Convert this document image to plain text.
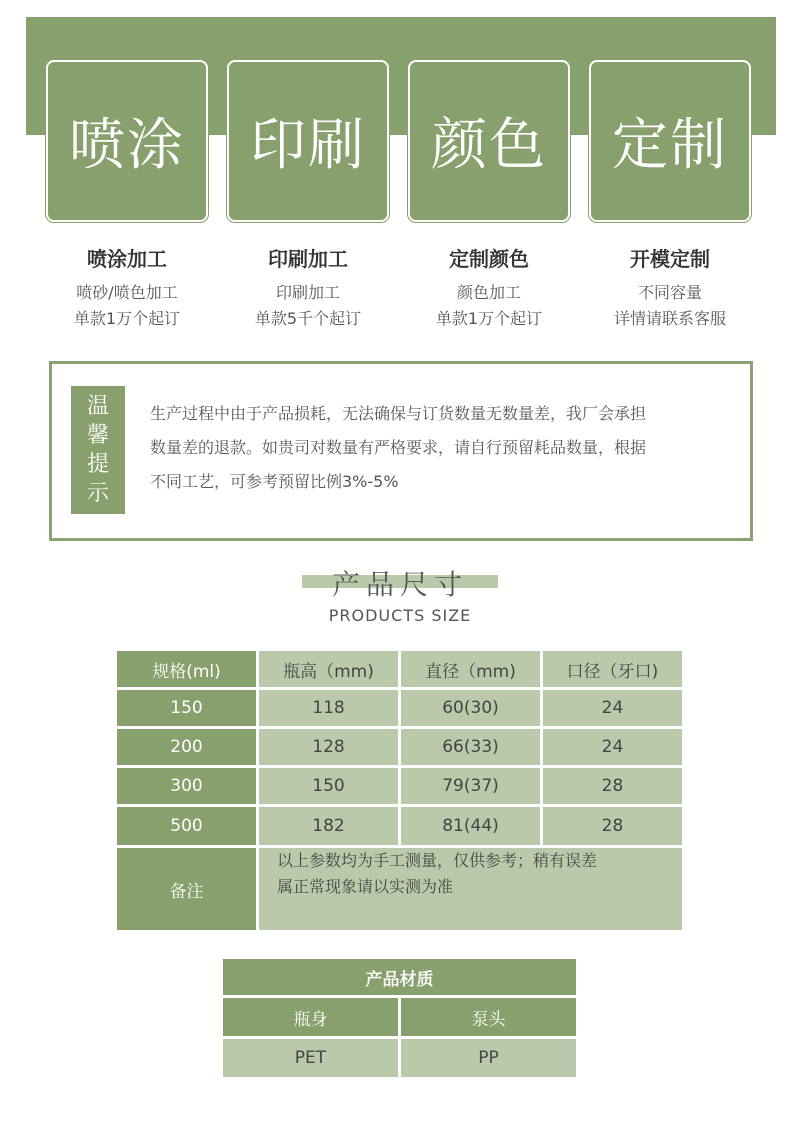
喷涂 印刷 颜色 定制
喷涂加工
喷砂/喷色加工
单款1万个起订
印刷加工
印刷加工
单款5千个起订
定制颜色
颜色加工
单款1万个起订
开模定制
不同容量
详情请联系客服
温
馨
提
示
生产过程中由于产品损耗，无法确保与订货数量无数量差，我厂会承担
数量差的退款。如贵司对数量有严格要求，请自行预留耗品数量，根据
不同工艺，可参考预留比例3%-5%
产品尺寸
PRODUCTS SIZE
规格(ml)	瓶高（mm)	直径（mm)	口径（牙口)
150	118	60(30)	24
200	128	66(33)	24
300	150	79(37)	28
500	182	81(44)	28
备注
以上参数均为手工测量，仅供参考；稍有误差
属正常现象请以实测为准
产品材质
瓶身	泵头
PET	PP
